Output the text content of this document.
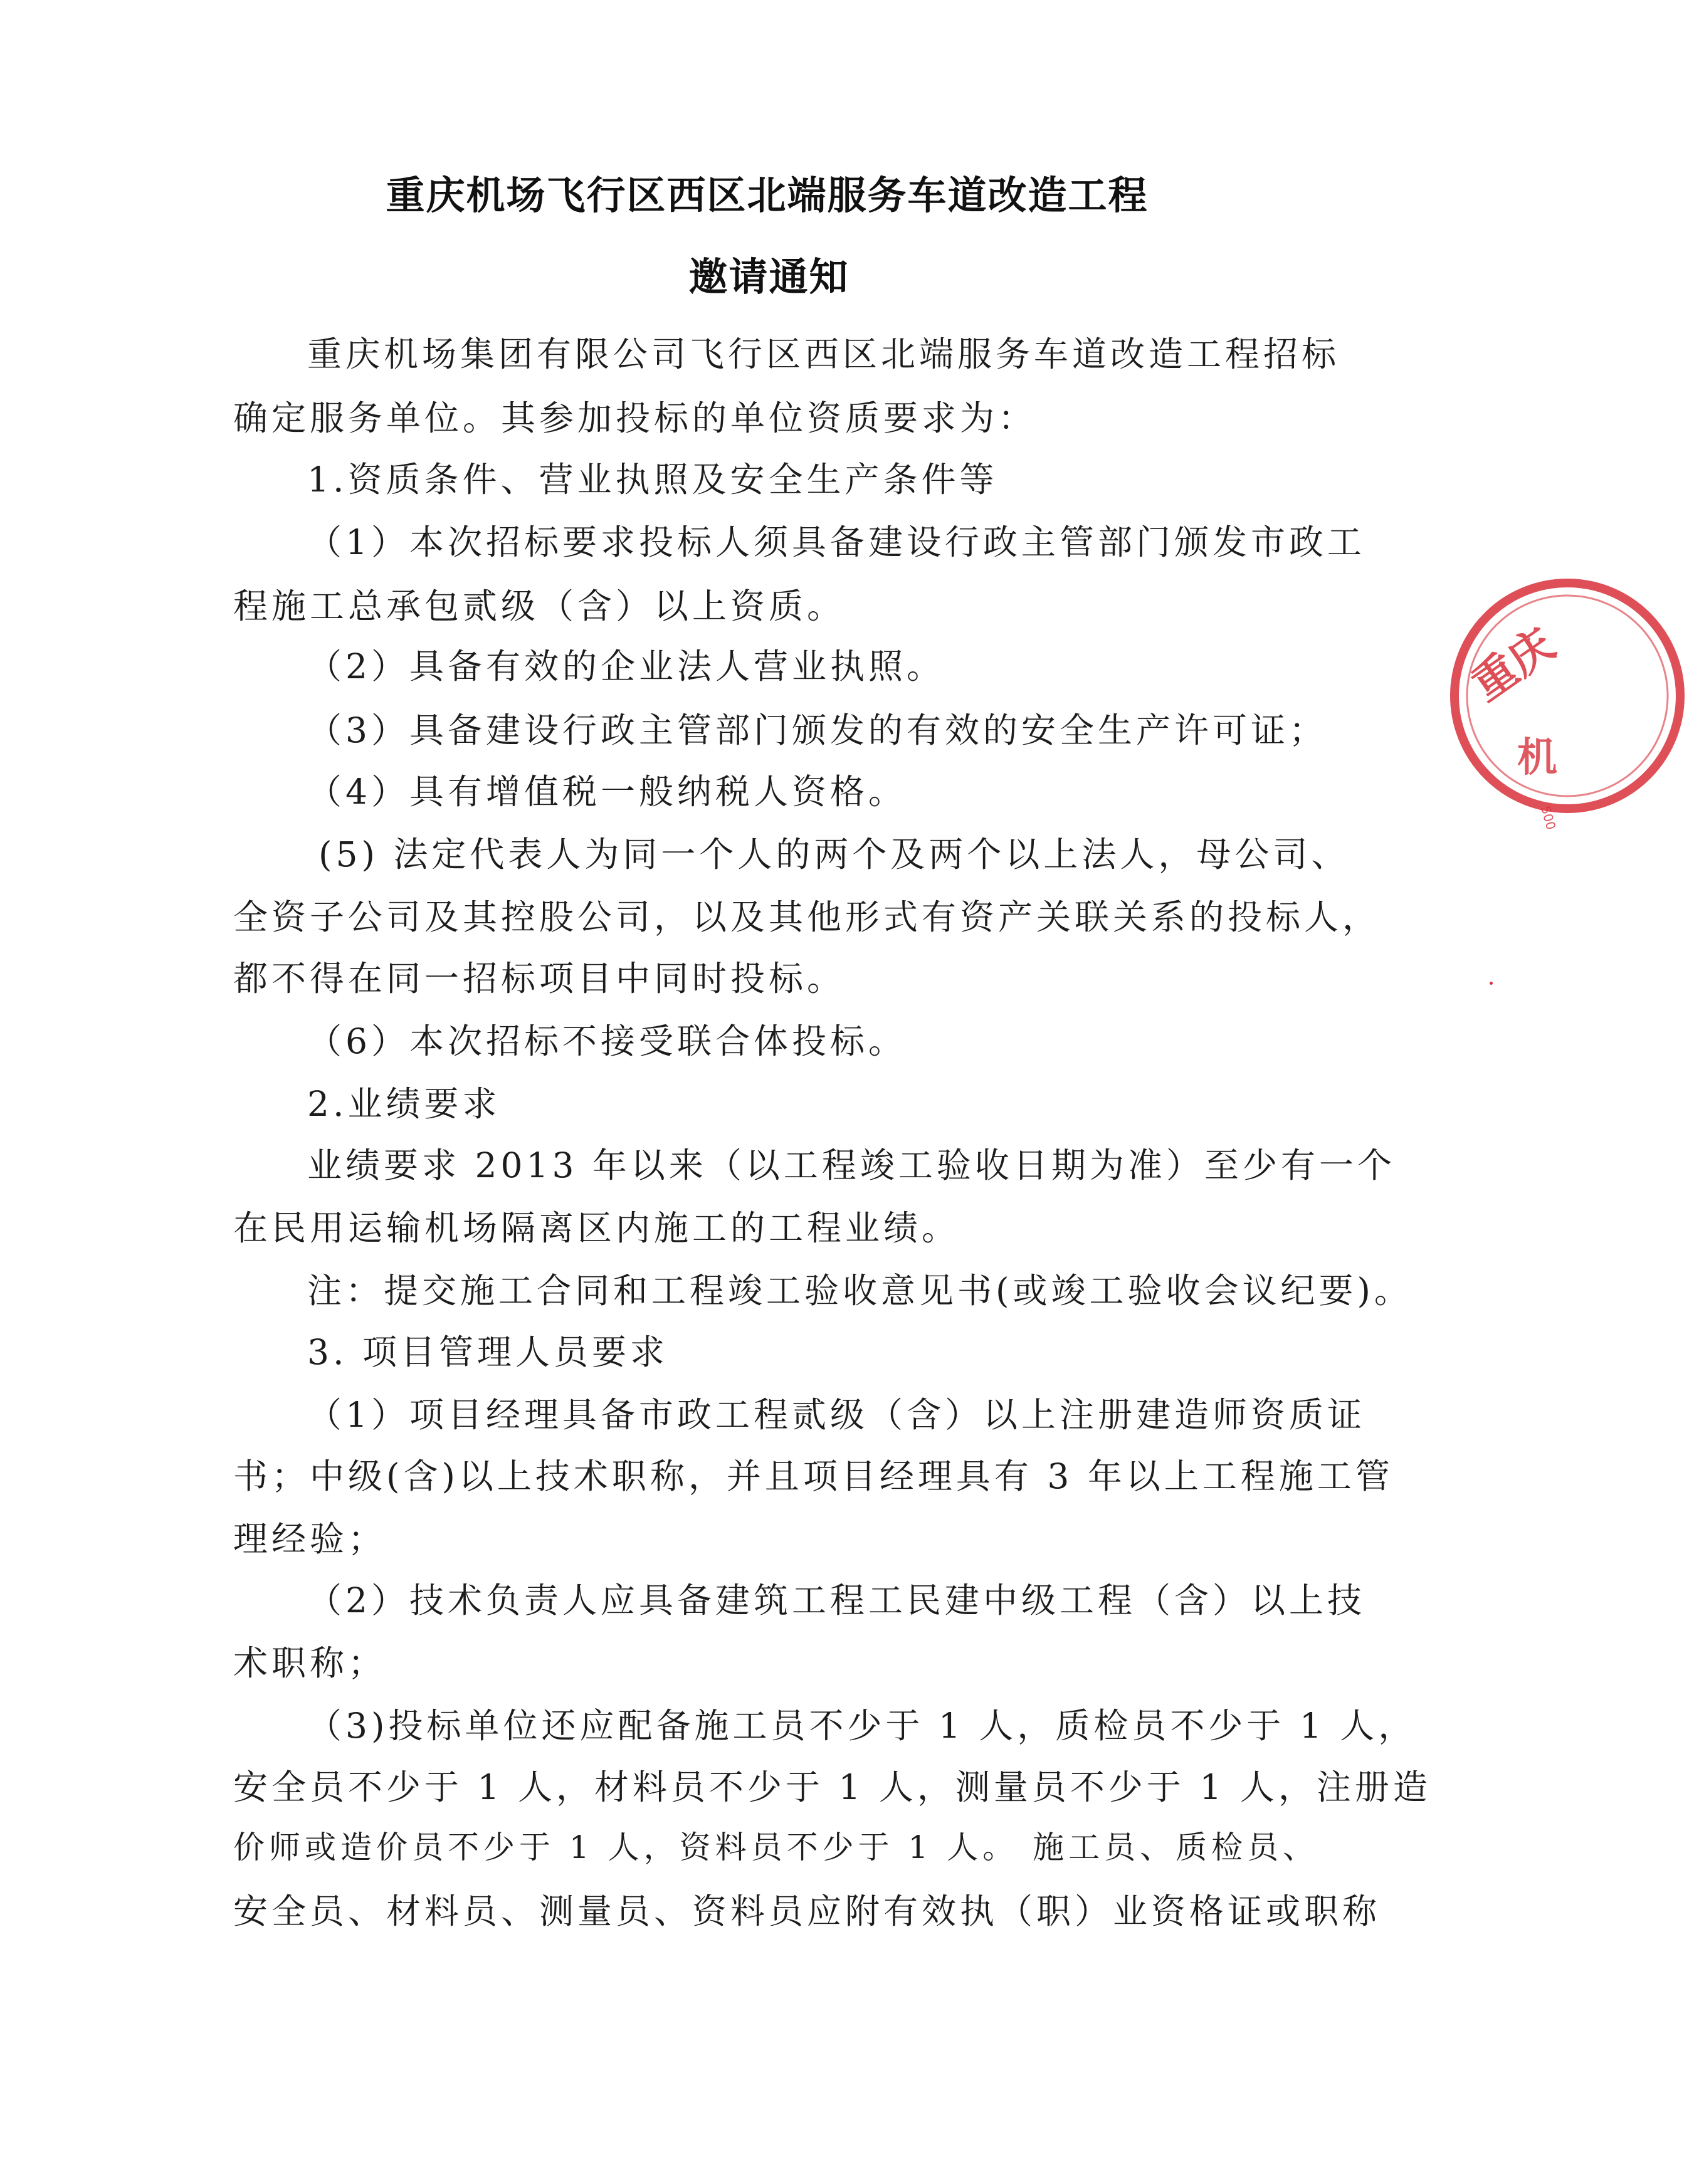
重庆机场飞行区西区北端服务车道改造工程
邀请通知
重庆机场集团有限公司飞行区西区北端服务车道改造工程招标
确定服务单位。其参加投标的单位资质要求为：
1.资质条件、营业执照及安全生产条件等
（1）本次招标要求投标人须具备建设行政主管部门颁发市政工
程施工总承包贰级（含）以上资质。
（2）具备有效的企业法人营业执照。
（3）具备建设行政主管部门颁发的有效的安全生产许可证；
（4）具有增值税一般纳税人资格。
(5) 法定代表人为同一个人的两个及两个以上法人，母公司、
全资子公司及其控股公司，以及其他形式有资产关联关系的投标人，
都不得在同一招标项目中同时投标。
（6）本次招标不接受联合体投标。
2.业绩要求
业绩要求 2013 年以来（以工程竣工验收日期为准）至少有一个
在民用运输机场隔离区内施工的工程业绩。
注：提交施工合同和工程竣工验收意见书(或竣工验收会议纪要)。
3. 项目管理人员要求
（1）项目经理具备市政工程贰级（含）以上注册建造师资质证
书；中级(含)以上技术职称，并且项目经理具有 3 年以上工程施工管
理经验；
（2）技术负责人应具备建筑工程工民建中级工程（含）以上技
术职称；
（3)投标单位还应配备施工员不少于 1 人，质检员不少于 1 人，
安全员不少于 1 人，材料员不少于 1 人，测量员不少于 1 人，注册造
价师或造价员不少于 1 人，资料员不少于 1 人。 施工员、质检员、
安全员、材料员、测量员、资料员应附有效执（职）业资格证或职称
重庆
机
500
